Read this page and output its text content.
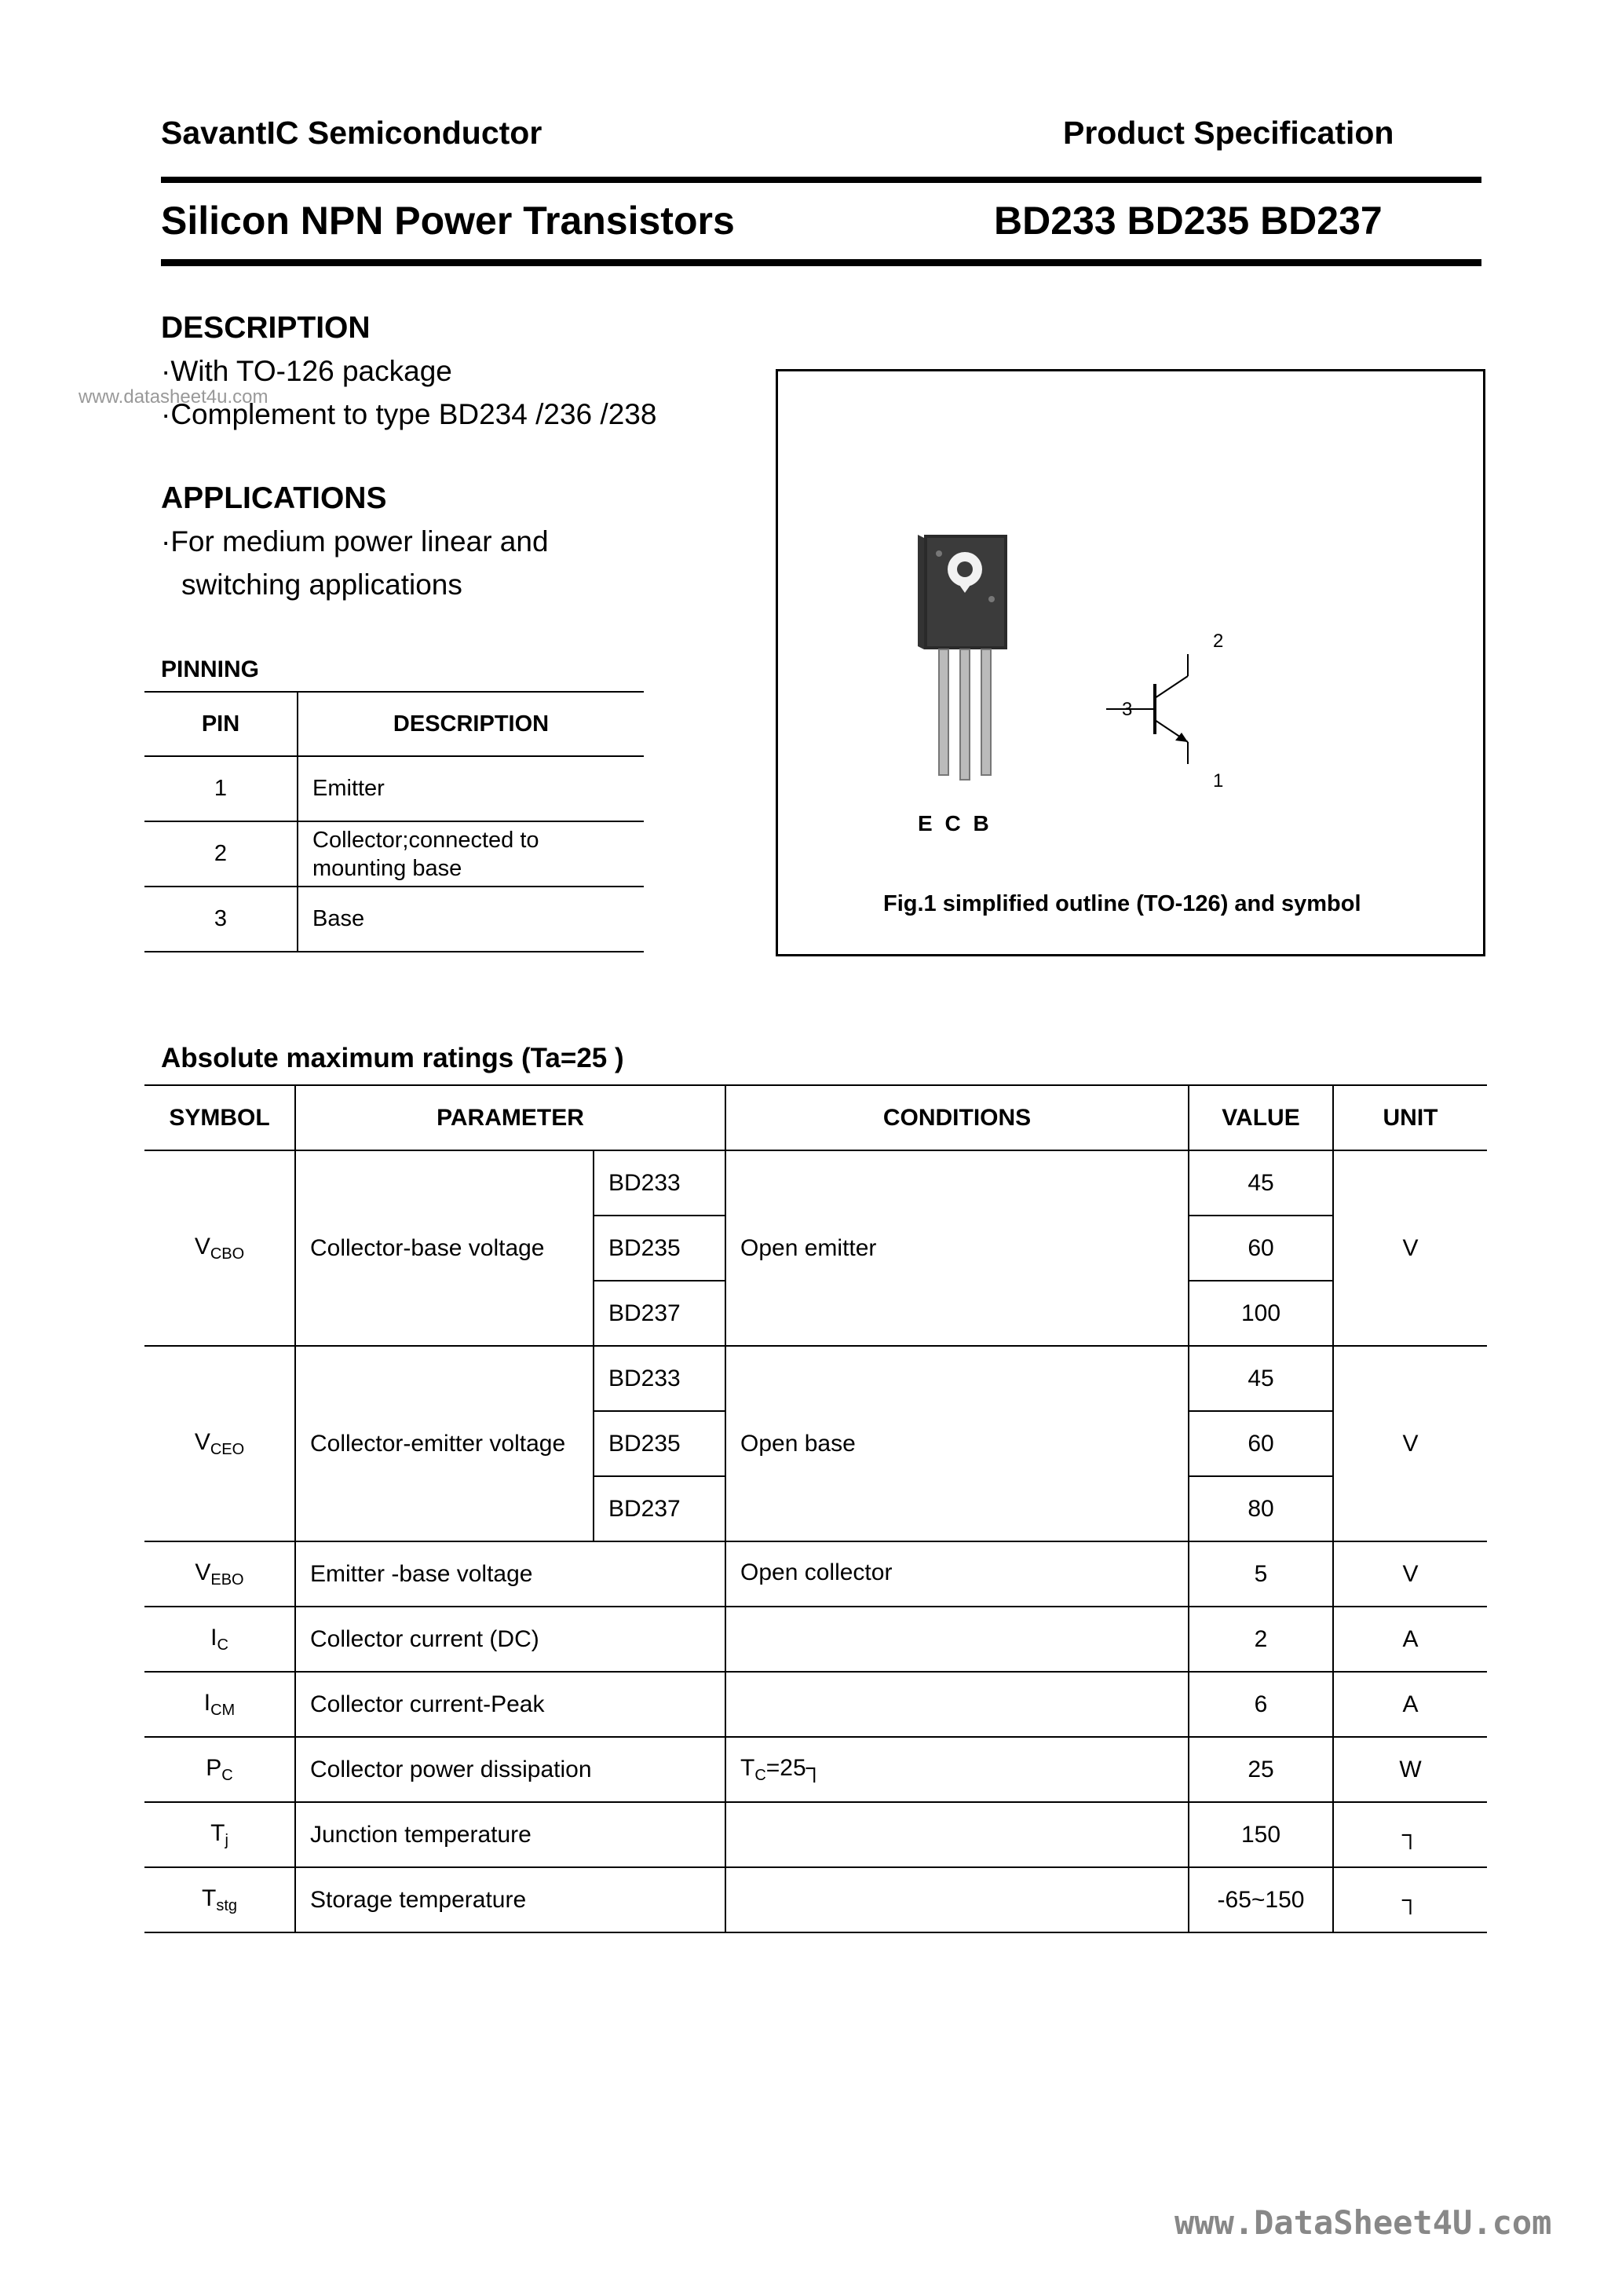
SavantIC Semiconductor	Product Specification
Silicon NPN Power Transistors	BD233 BD235 BD237
www.datasheet4u.com
DESCRIPTION
·With TO-126 package
·Complement to type BD234 /236 /238
APPLICATIONS
·For medium power linear and
switching applications
PINNING
PIN	DESCRIPTION
1	Emitter
2	Collector;connected to mounting base
3	Base
E C B
2
3
1
Fig.1 simplified outline (TO-126) and symbol
Absolute maximum ratings (Ta=25 )
SYMBOL	PARAMETER		CONDITIONS	VALUE	UNIT
$V_{CBO}$	Collector-base voltage	BD233	Open emitter	45	V
		BD235		60	
		BD237		100	
$V_{CEO}$	Collector-emitter voltage	BD233	Open base	45	V
		BD235		60	
		BD237		80	
$V_{EBO}$	Emitter -base voltage		Open collector	5	V
$I_C$	Collector current (DC)			2	A
$I_{CM}$	Collector current-Peak			6	A
$P_C$	Collector power dissipation		$T_C=25┐$	25	W
$T_j$	Junction temperature			150	┐
$T_{stg}$	Storage temperature			-65~150	┐
www.DataSheet4U.com
